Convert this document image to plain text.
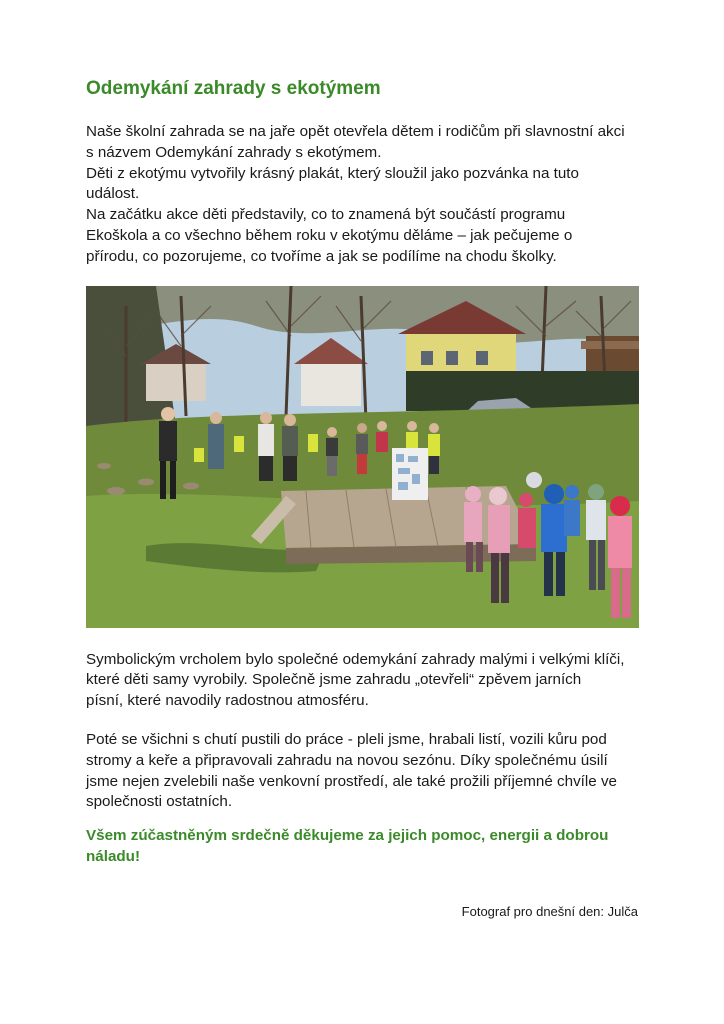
Odemykání zahrady s ekotýmem

Naše školní zahrada se na jaře opět otevřela dětem i rodičům při slavnostní akci
s názvem Odemykání zahrady s ekotýmem.
Děti z ekotýmu vytvořily krásný plakát, který sloužil jako pozvánka na tuto
událost.
Na začátku akce děti představily, co to znamená být součástí programu
Ekoškola a co všechno během roku v ekotýmu děláme – jak pečujeme o
přírodu, co pozorujeme, co tvoříme a jak se podílíme na chodu školky.

Symbolickým vrcholem bylo společné odemykání zahrady malými i velkými klíči,
které děti samy vyrobily. Společně jsme zahradu „otevřeli“ zpěvem jarních
písní, které navodily radostnou atmosféru.

Poté se všichni s chutí pustili do práce - pleli jsme, hrabali listí, vozili kůru pod
stromy a keře a připravovali zahradu na novou sezónu. Díky společnému úsilí
jsme nejen zvelebili naše venkovní prostředí, ale také prožili příjemné chvíle ve
společnosti ostatních.

Všem zúčastněným srdečně děkujeme za jejich pomoc, energii a dobrou
náladu!

Fotograf pro dnešní den: Julča
